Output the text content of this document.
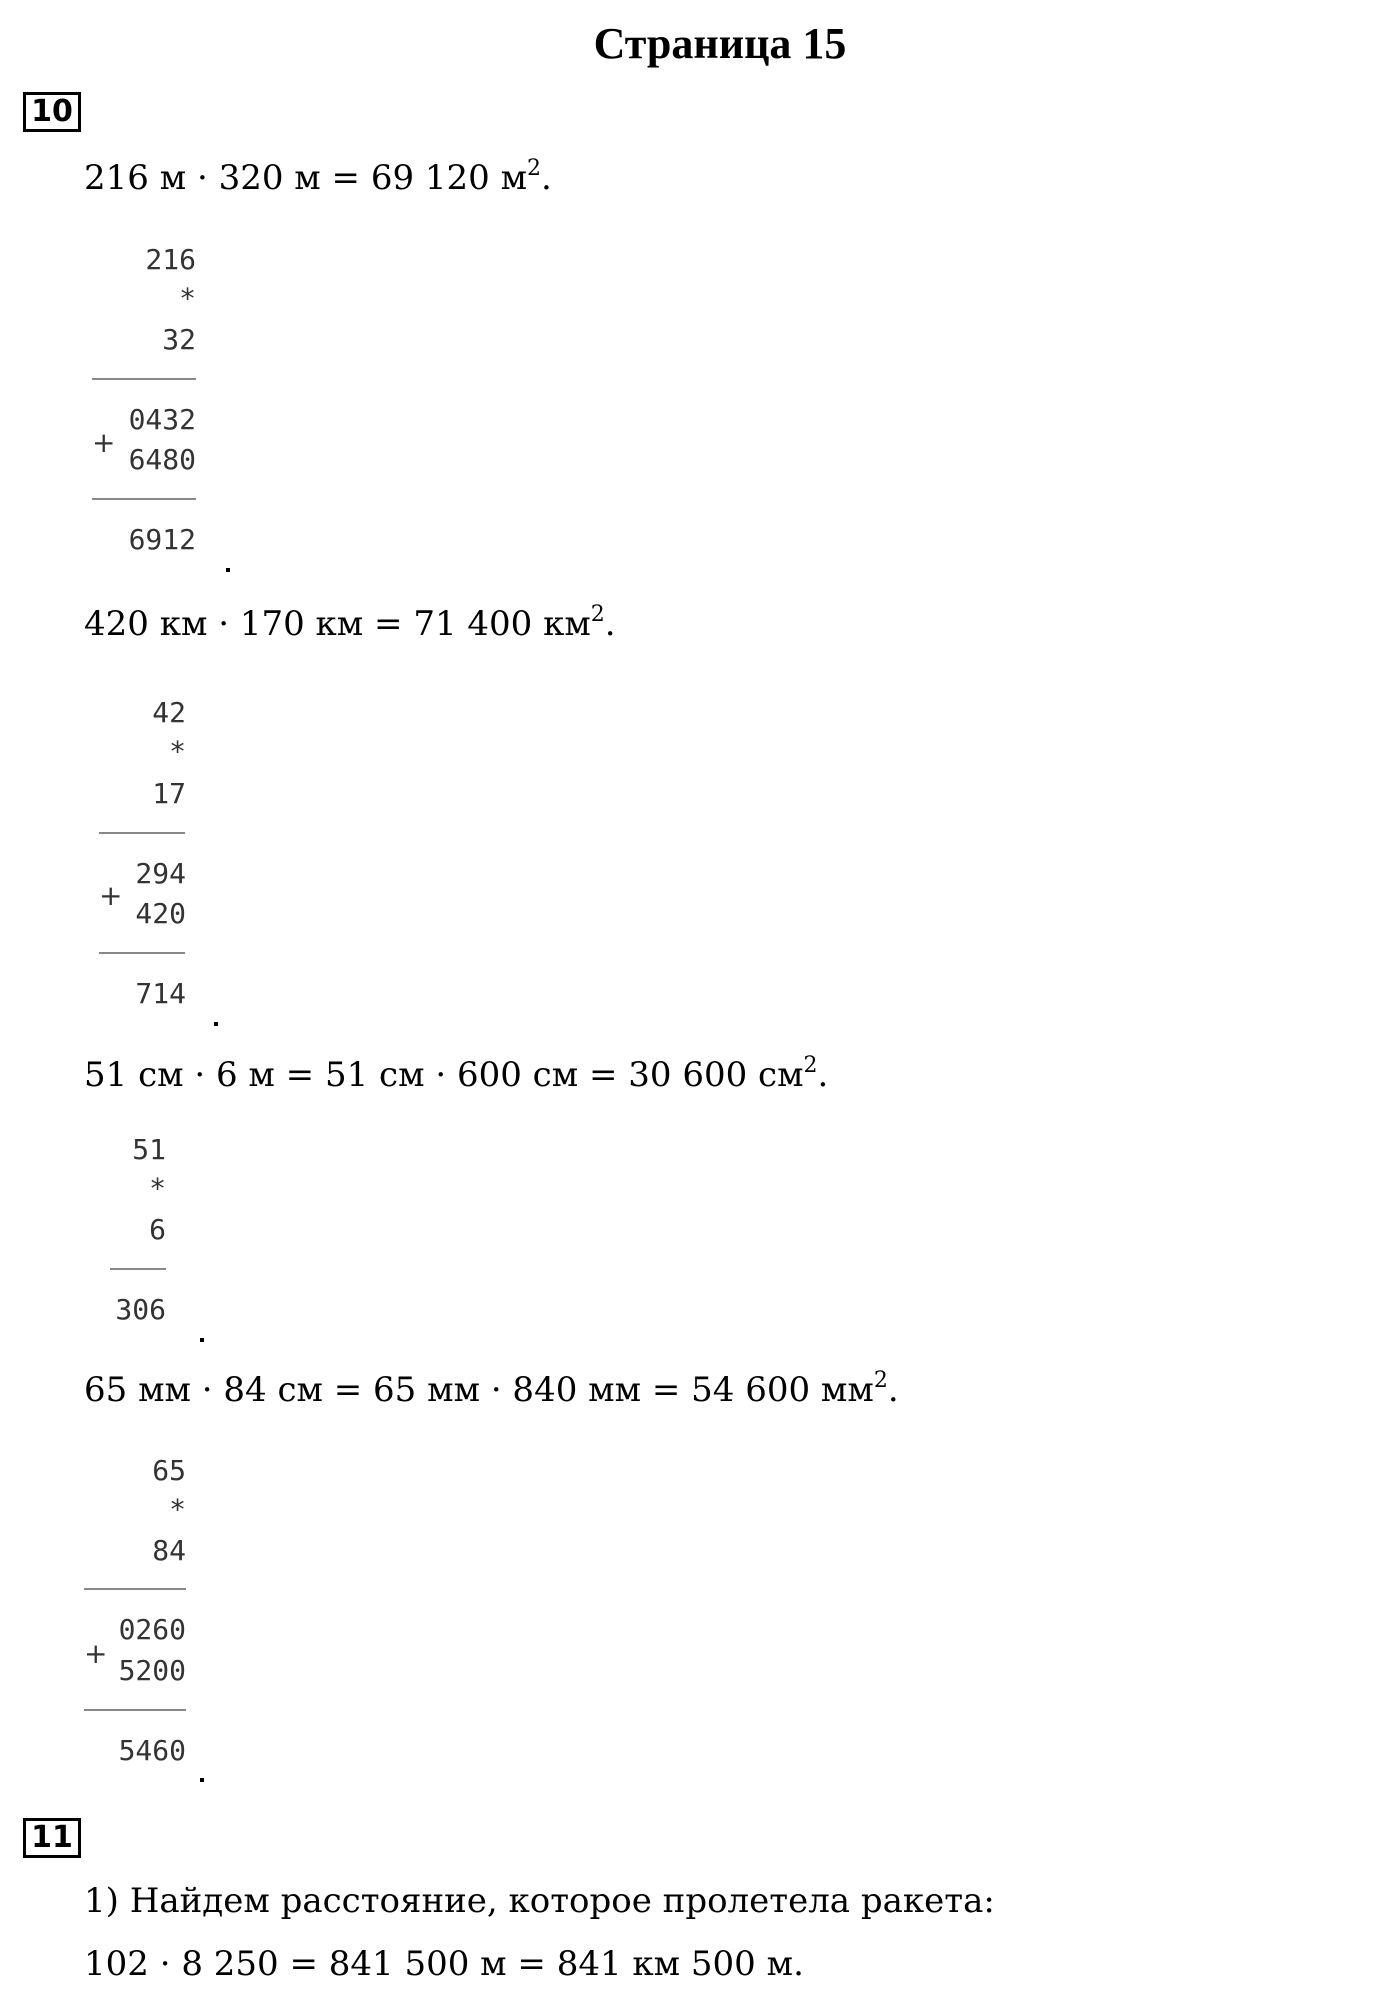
Страница 15
10
216 м · 320 м = 69 120 $м^2$.
216
*
32
+
0432
6480
6912
420 км · 170 км = 71 400 $км^2$.
42
*
17
+
294
420
714
51 см · 6 м = 51 см · 600 см = 30 600 $см^2$.
51
*
6
306
65 мм · 84 см = 65 мм · 840 мм = 54 600 $мм^2$.
65
*
84
+
0260
5200
5460
11
1) Найдем расстояние, которое пролетела ракета:
102 · 8 250 = 841 500 м = 841 км 500 м.
